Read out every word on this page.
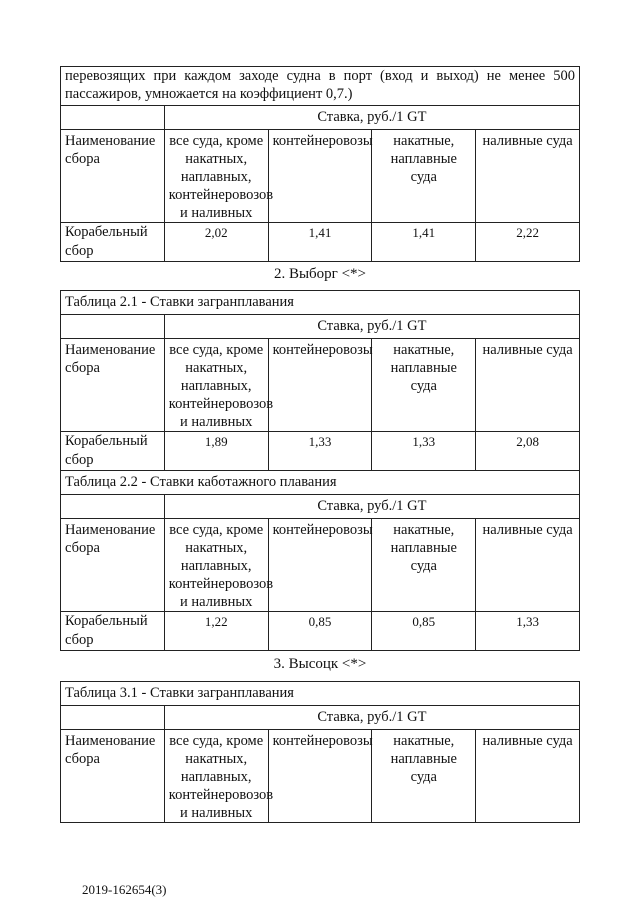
перевозящих при каждом заходе судна в порт (вход и выход) не менее 500 пассажиров, умножается на коэффициент 0,7.)				
	Ставка, руб./1 GT			
Наименование сбора	все суда, кроме накатных, наплавных, контейнеровозов и наливных	контейнеровозы	накатные, наплавные суда	наливные суда
Корабельный сбор	2,02	1,41	1,41	2,22
2. Выборг <*>
Таблица 2.1 - Ставки загранплавания				
	Ставка, руб./1 GT			
Наименование сбора	все суда, кроме накатных, наплавных, контейнеровозов и наливных	контейнеровозы	накатные, наплавные суда	наливные суда
Корабельный сбор	1,89	1,33	1,33	2,08
Таблица 2.2 - Ставки каботажного плавания				
	Ставка, руб./1 GT			
Наименование сбора	все суда, кроме накатных, наплавных, контейнеровозов и наливных	контейнеровозы	накатные, наплавные суда	наливные суда
Корабельный сбор	1,22	0,85	0,85	1,33
3. Высоцк <*>
Таблица 3.1 - Ставки загранплавания				
	Ставка, руб./1 GT			
Наименование сбора	все суда, кроме накатных, наплавных, контейнеровозов и наливных	контейнеровозы	накатные, наплавные суда	наливные суда
2019-162654(3)
